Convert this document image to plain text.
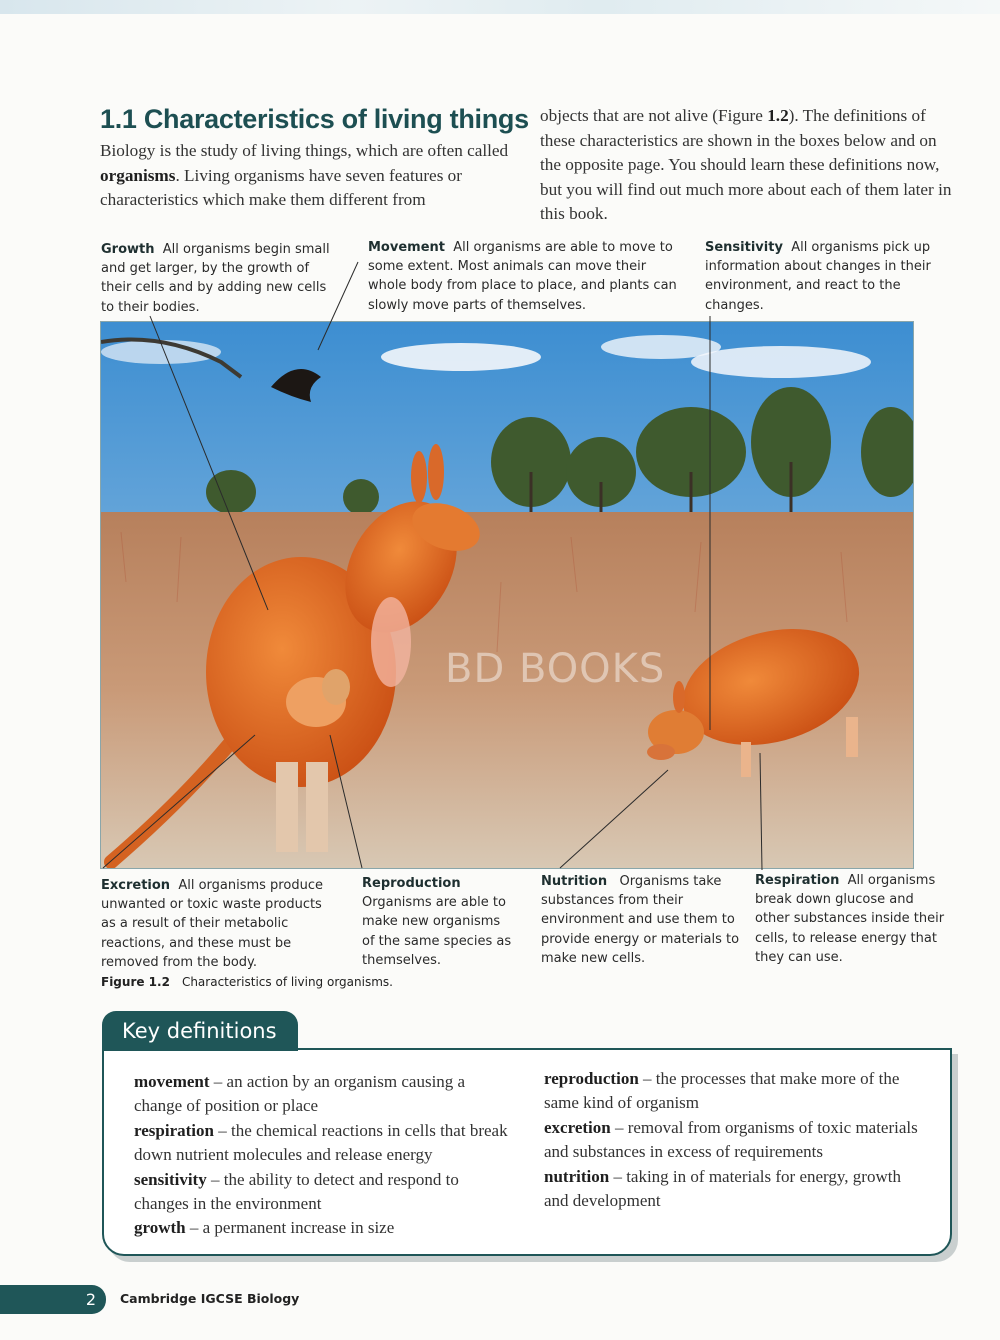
1.1 Characteristics of living things
Biology is the study of living things, which are often called organisms. Living organisms have seven features or characteristics which make them different from
objects that are not alive (Figure 1.2). The definitions of these characteristics are shown in the boxes below and on the opposite page. You should learn these definitions now, but you will find out much more about each of them later in this book.
Growth All organisms begin small and get larger, by the growth of their cells and by adding new cells to their bodies.
Movement All organisms are able to move to some extent. Most animals can move their whole body from place to place, and plants can slowly move parts of themselves.
Sensitivity All organisms pick up information about changes in their environment, and react to the changes.
BD BOOKS
Excretion All organisms produce unwanted or toxic waste products as a result of their metabolic reactions, and these must be removed from the body.
Reproduction
Organisms are able to make new organisms of the same species as themselves.
Nutrition Organisms take substances from their environment and use them to provide energy or materials to make new cells.
Respiration All organisms break down glucose and other substances inside their cells, to release energy that they can use.
Figure 1.2 Characteristics of living organisms.

movement – an action by an organism causing a change of position or place

respiration – the chemical reactions in cells that break down nutrient molecules and release energy

sensitivity – the ability to detect and respond to changes in the environment

growth – a permanent increase in size

reproduction – the processes that make more of the same kind of organism

excretion – removal from organisms of toxic materials and substances in excess of requirements

nutrition – taking in of materials for energy, growth and development

Key definitions
2	Cambridge IGCSE Biology
